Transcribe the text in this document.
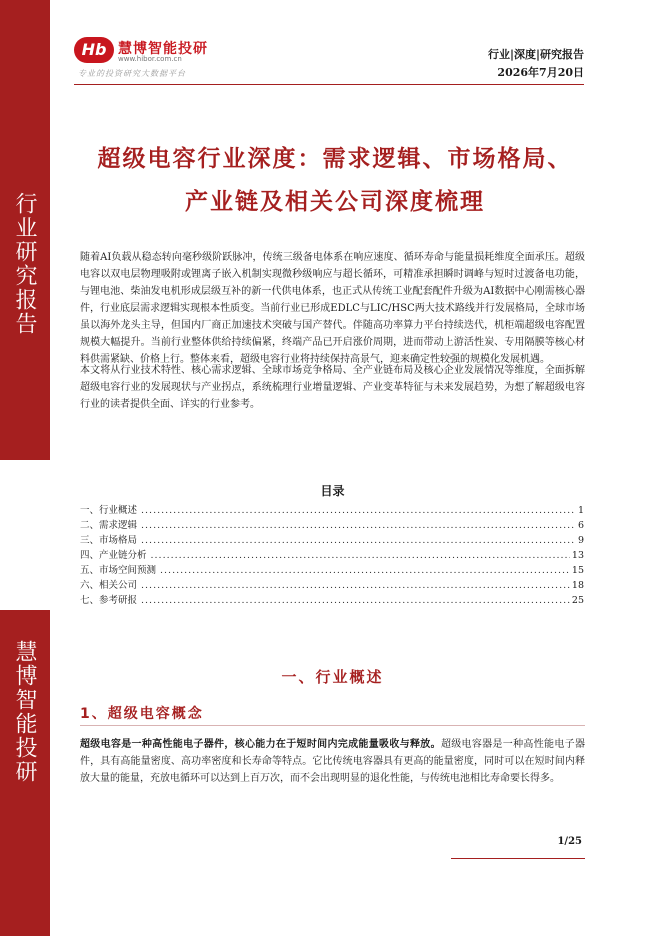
行业研究报告
慧博智能投研
Hb 慧博智能投研
www.hibor.com.cn
专业的投资研究大数据平台
行业|深度|研究报告
2026年7月20日
超级电容行业深度：需求逻辑、市场格局、
产业链及相关公司深度梳理

随着AI负载从稳态转向毫秒级阶跃脉冲，传统三级备电体系在响应速度、循环寿命与能量损耗维度全面承压。超级电容以双电层物理吸附或锂离子嵌入机制实现微秒级响应与超长循环，可精准承担瞬时调峰与短时过渡备电功能，与锂电池、柴油发电机形成层级互补的新一代供电体系，也正式从传统工业配套配件升级为AI数据中心刚需核心器件，行业底层需求逻辑实现根本性质变。当前行业已形成EDLC与LIC/HSC两大技术路线并行发展格局，全球市场虽以海外龙头主导，但国内厂商正加速技术突破与国产替代。伴随高功率算力平台持续迭代，机柜端超级电容配置规模大幅提升。当前行业整体供给持续偏紧，终端产品已开启涨价周期，进而带动上游活性炭、专用隔膜等核心材料供需紧缺、价格上行。整体来看，超级电容行业将持续保持高景气，迎来确定性较强的规模化发展机遇。

本文将从行业技术特性、核心需求逻辑、全球市场竞争格局、全产业链布局及核心企业发展情况等维度，全面拆解超级电容行业的发展现状与产业拐点，系统梳理行业增量逻辑、产业变革特征与未来发展趋势，为想了解超级电容行业的读者提供全面、详实的行业参考。

目录
一、行业概述 .....	1
二、需求逻辑 .....	6
三、市场格局 .....	9
四、产业链分析 .....	13
五、市场空间预测 .....	15
六、相关公司 .....	18
七、参考研报 .....	25
一、行业概述
1、超级电容概念

超级电容是一种高性能电子器件，核心能力在于短时间内完成能量吸收与释放。超级电容器是一种高性能电子器件，具有高能量密度、高功率密度和长寿命等特点。它比传统电容器具有更高的能量密度，同时可以在短时间内释放大量的能量，充放电循环可以达到上百万次，而不会出现明显的退化性能，与传统电池相比寿命要长得多。

1/25
